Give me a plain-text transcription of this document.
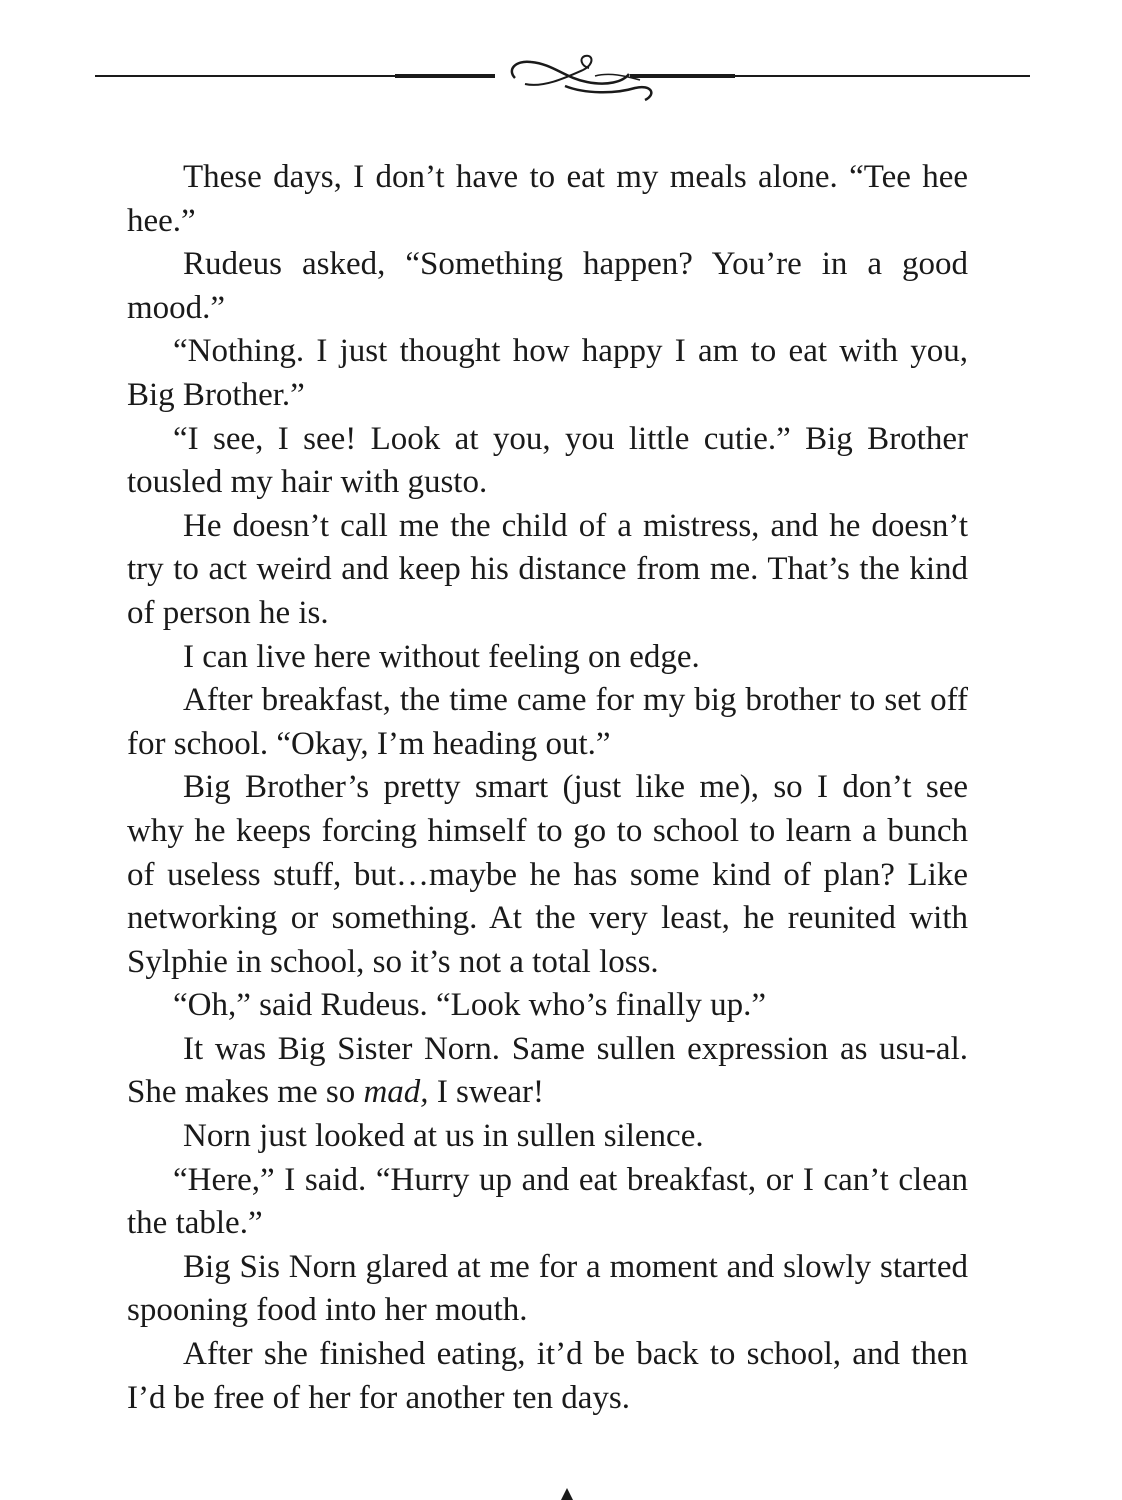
These days, I don’t have to eat my meals alone. “Tee hee hee.”

Rudeus asked, “Something happen? You’re in a good mood.”

“Nothing. I just thought how happy I am to eat with you, Big Brother.”

“I see, I see! Look at you, you little cutie.” Big Brother tousled my hair with gusto.

He doesn’t call me the child of a mistress, and he doesn’t try to act weird and keep his distance from me. That’s the kind of person he is.

I can live here without feeling on edge.

After breakfast, the time came for my big brother to set off for school. “Okay, I’m heading out.”

Big Brother’s pretty smart (just like me), so I don’t see why he keeps forcing himself to go to school to learn a bunch of useless stuff, but…maybe he has some kind of plan? Like networking or something. At the very least, he reunited with Sylphie in school, so it’s not a total loss.

“Oh,” said Rudeus. “Look who’s finally up.”

It was Big Sister Norn. Same sullen expression as usu-al. She makes me so mad, I swear!

Norn just looked at us in sullen silence.

“Here,” I said. “Hurry up and eat breakfast, or I can’t clean the table.”

Big Sis Norn glared at me for a moment and slowly started spooning food into her mouth.

After she finished eating, it’d be back to school, and then I’d be free of her for another ten days.
